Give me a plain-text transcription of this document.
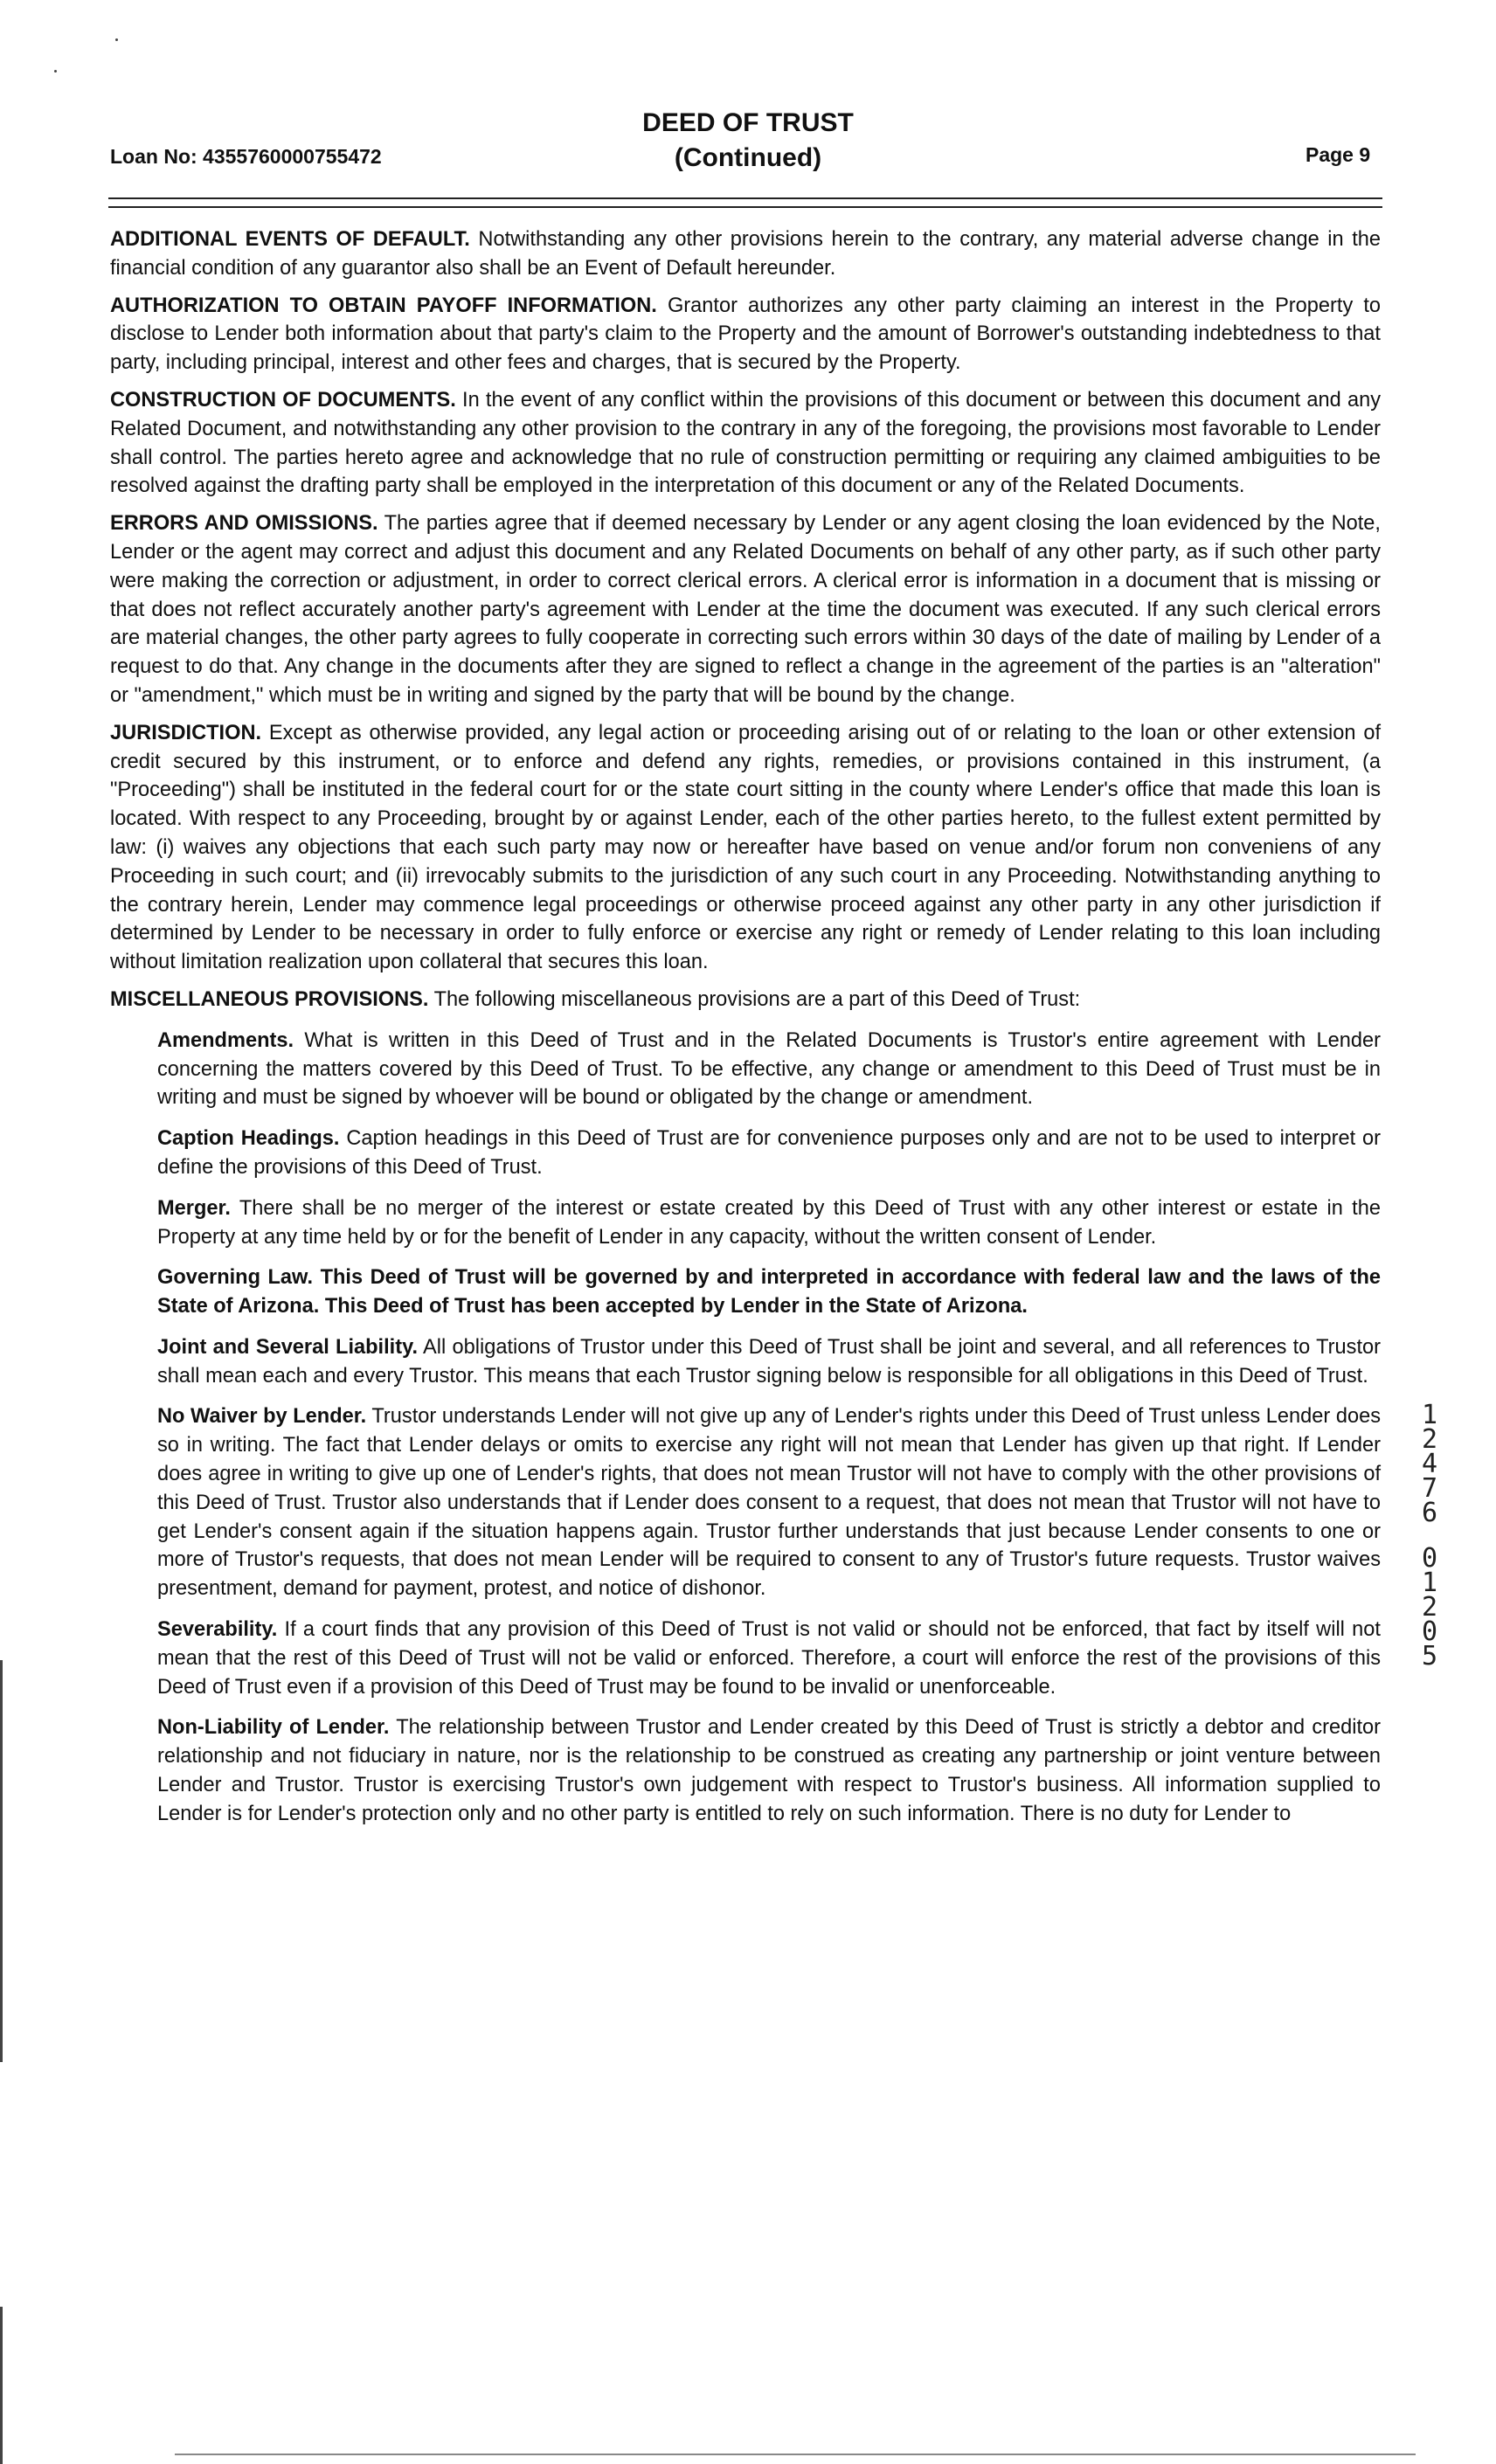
DEED OF TRUST
(Continued)
Loan No: 4355760000755472	Page 9

ADDITIONAL EVENTS OF DEFAULT. Notwithstanding any other provisions herein to the contrary, any material adverse change in the financial condition of any guarantor also shall be an Event of Default hereunder.

AUTHORIZATION TO OBTAIN PAYOFF INFORMATION. Grantor authorizes any other party claiming an interest in the Property to disclose to Lender both information about that party's claim to the Property and the amount of Borrower's outstanding indebtedness to that party, including principal, interest and other fees and charges, that is secured by the Property.

CONSTRUCTION OF DOCUMENTS. In the event of any conflict within the provisions of this document or between this document and any Related Document, and notwithstanding any other provision to the contrary in any of the foregoing, the provisions most favorable to Lender shall control. The parties hereto agree and acknowledge that no rule of construction permitting or requiring any claimed ambiguities to be resolved against the drafting party shall be employed in the interpretation of this document or any of the Related Documents.

ERRORS AND OMISSIONS. The parties agree that if deemed necessary by Lender or any agent closing the loan evidenced by the Note, Lender or the agent may correct and adjust this document and any Related Documents on behalf of any other party, as if such other party were making the correction or adjustment, in order to correct clerical errors. A clerical error is information in a document that is missing or that does not reflect accurately another party's agreement with Lender at the time the document was executed. If any such clerical errors are material changes, the other party agrees to fully cooperate in correcting such errors within 30 days of the date of mailing by Lender of a request to do that. Any change in the documents after they are signed to reflect a change in the agreement of the parties is an "alteration" or "amendment," which must be in writing and signed by the party that will be bound by the change.

JURISDICTION. Except as otherwise provided, any legal action or proceeding arising out of or relating to the loan or other extension of credit secured by this instrument, or to enforce and defend any rights, remedies, or provisions contained in this instrument, (a "Proceeding") shall be instituted in the federal court for or the state court sitting in the county where Lender's office that made this loan is located. With respect to any Proceeding, brought by or against Lender, each of the other parties hereto, to the fullest extent permitted by law: (i) waives any objections that each such party may now or hereafter have based on venue and/or forum non conveniens of any Proceeding in such court; and (ii) irrevocably submits to the jurisdiction of any such court in any Proceeding. Notwithstanding anything to the contrary herein, Lender may commence legal proceedings or otherwise proceed against any other party in any other jurisdiction if determined by Lender to be necessary in order to fully enforce or exercise any right or remedy of Lender relating to this loan including without limitation realization upon collateral that secures this loan.

MISCELLANEOUS PROVISIONS. The following miscellaneous provisions are a part of this Deed of Trust:

Amendments. What is written in this Deed of Trust and in the Related Documents is Trustor's entire agreement with Lender concerning the matters covered by this Deed of Trust. To be effective, any change or amendment to this Deed of Trust must be in writing and must be signed by whoever will be bound or obligated by the change or amendment.

Caption Headings. Caption headings in this Deed of Trust are for convenience purposes only and are not to be used to interpret or define the provisions of this Deed of Trust.

Merger. There shall be no merger of the interest or estate created by this Deed of Trust with any other interest or estate in the Property at any time held by or for the benefit of Lender in any capacity, without the written consent of Lender.

Governing Law. This Deed of Trust will be governed by and interpreted in accordance with federal law and the laws of the State of Arizona. This Deed of Trust has been accepted by Lender in the State of Arizona.

Joint and Several Liability. All obligations of Trustor under this Deed of Trust shall be joint and several, and all references to Trustor shall mean each and every Trustor. This means that each Trustor signing below is responsible for all obligations in this Deed of Trust.

No Waiver by Lender. Trustor understands Lender will not give up any of Lender's rights under this Deed of Trust unless Lender does so in writing. The fact that Lender delays or omits to exercise any right will not mean that Lender has given up that right. If Lender does agree in writing to give up one of Lender's rights, that does not mean Trustor will not have to comply with the other provisions of this Deed of Trust. Trustor also understands that if Lender does consent to a request, that does not mean that Trustor will not have to get Lender's consent again if the situation happens again. Trustor further understands that just because Lender consents to one or more of Trustor's requests, that does not mean Lender will be required to consent to any of Trustor's future requests. Trustor waives presentment, demand for payment, protest, and notice of dishonor.

Severability. If a court finds that any provision of this Deed of Trust is not valid or should not be enforced, that fact by itself will not mean that the rest of this Deed of Trust will not be valid or enforced. Therefore, a court will enforce the rest of the provisions of this Deed of Trust even if a provision of this Deed of Trust may be found to be invalid or unenforceable.

Non-Liability of Lender. The relationship between Trustor and Lender created by this Deed of Trust is strictly a debtor and creditor relationship and not fiduciary in nature, nor is the relationship to be construed as creating any partnership or joint venture between Lender and Trustor. Trustor is exercising Trustor's own judgement with respect to Trustor's business. All information supplied to Lender is for Lender's protection only and no other party is entitled to rely on such information. There is no duty for Lender to

1
2
4
7
6
0
1
2
0
5
